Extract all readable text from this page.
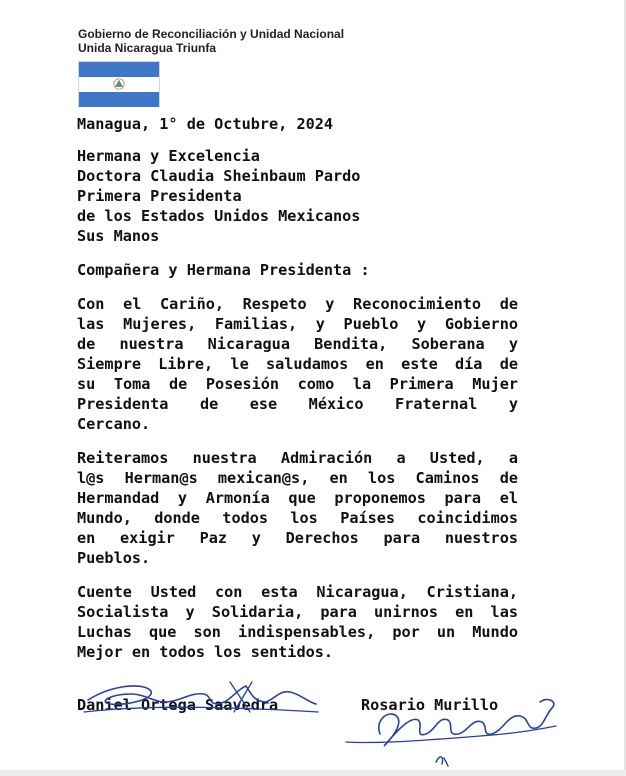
Gobierno de Reconciliación y Unidad Nacional
Unida Nicaragua Triunfa
Managua, 1° de Octubre, 2024
Hermana y Excelencia
Doctora Claudia Sheinbaum Pardo
Primera Presidenta
de los Estados Unidos Mexicanos
Sus Manos
Compañera y Hermana Presidenta :
Con el Cariño, Respeto y Reconocimiento de
las Mujeres, Familias, y Pueblo y Gobierno
de nuestra Nicaragua Bendita, Soberana y
Siempre Libre, le saludamos en este día de
su Toma de Posesión como la Primera Mujer
Presidenta de ese México Fraternal y
Cercano.
Reiteramos nuestra Admiración a Usted, a
l@s Herman@s mexican@s, en los Caminos de
Hermandad y Armonía que proponemos para el
Mundo, donde todos los Países coincidimos
en exigir Paz y Derechos para nuestros
Pueblos.
Cuente Usted con esta Nicaragua, Cristiana,
Socialista y Solidaria, para unirnos en las
Luchas que son indispensables, por un Mundo
Mejor en todos los sentidos.
Daniel Ortega Saavedra	Rosario Murillo
